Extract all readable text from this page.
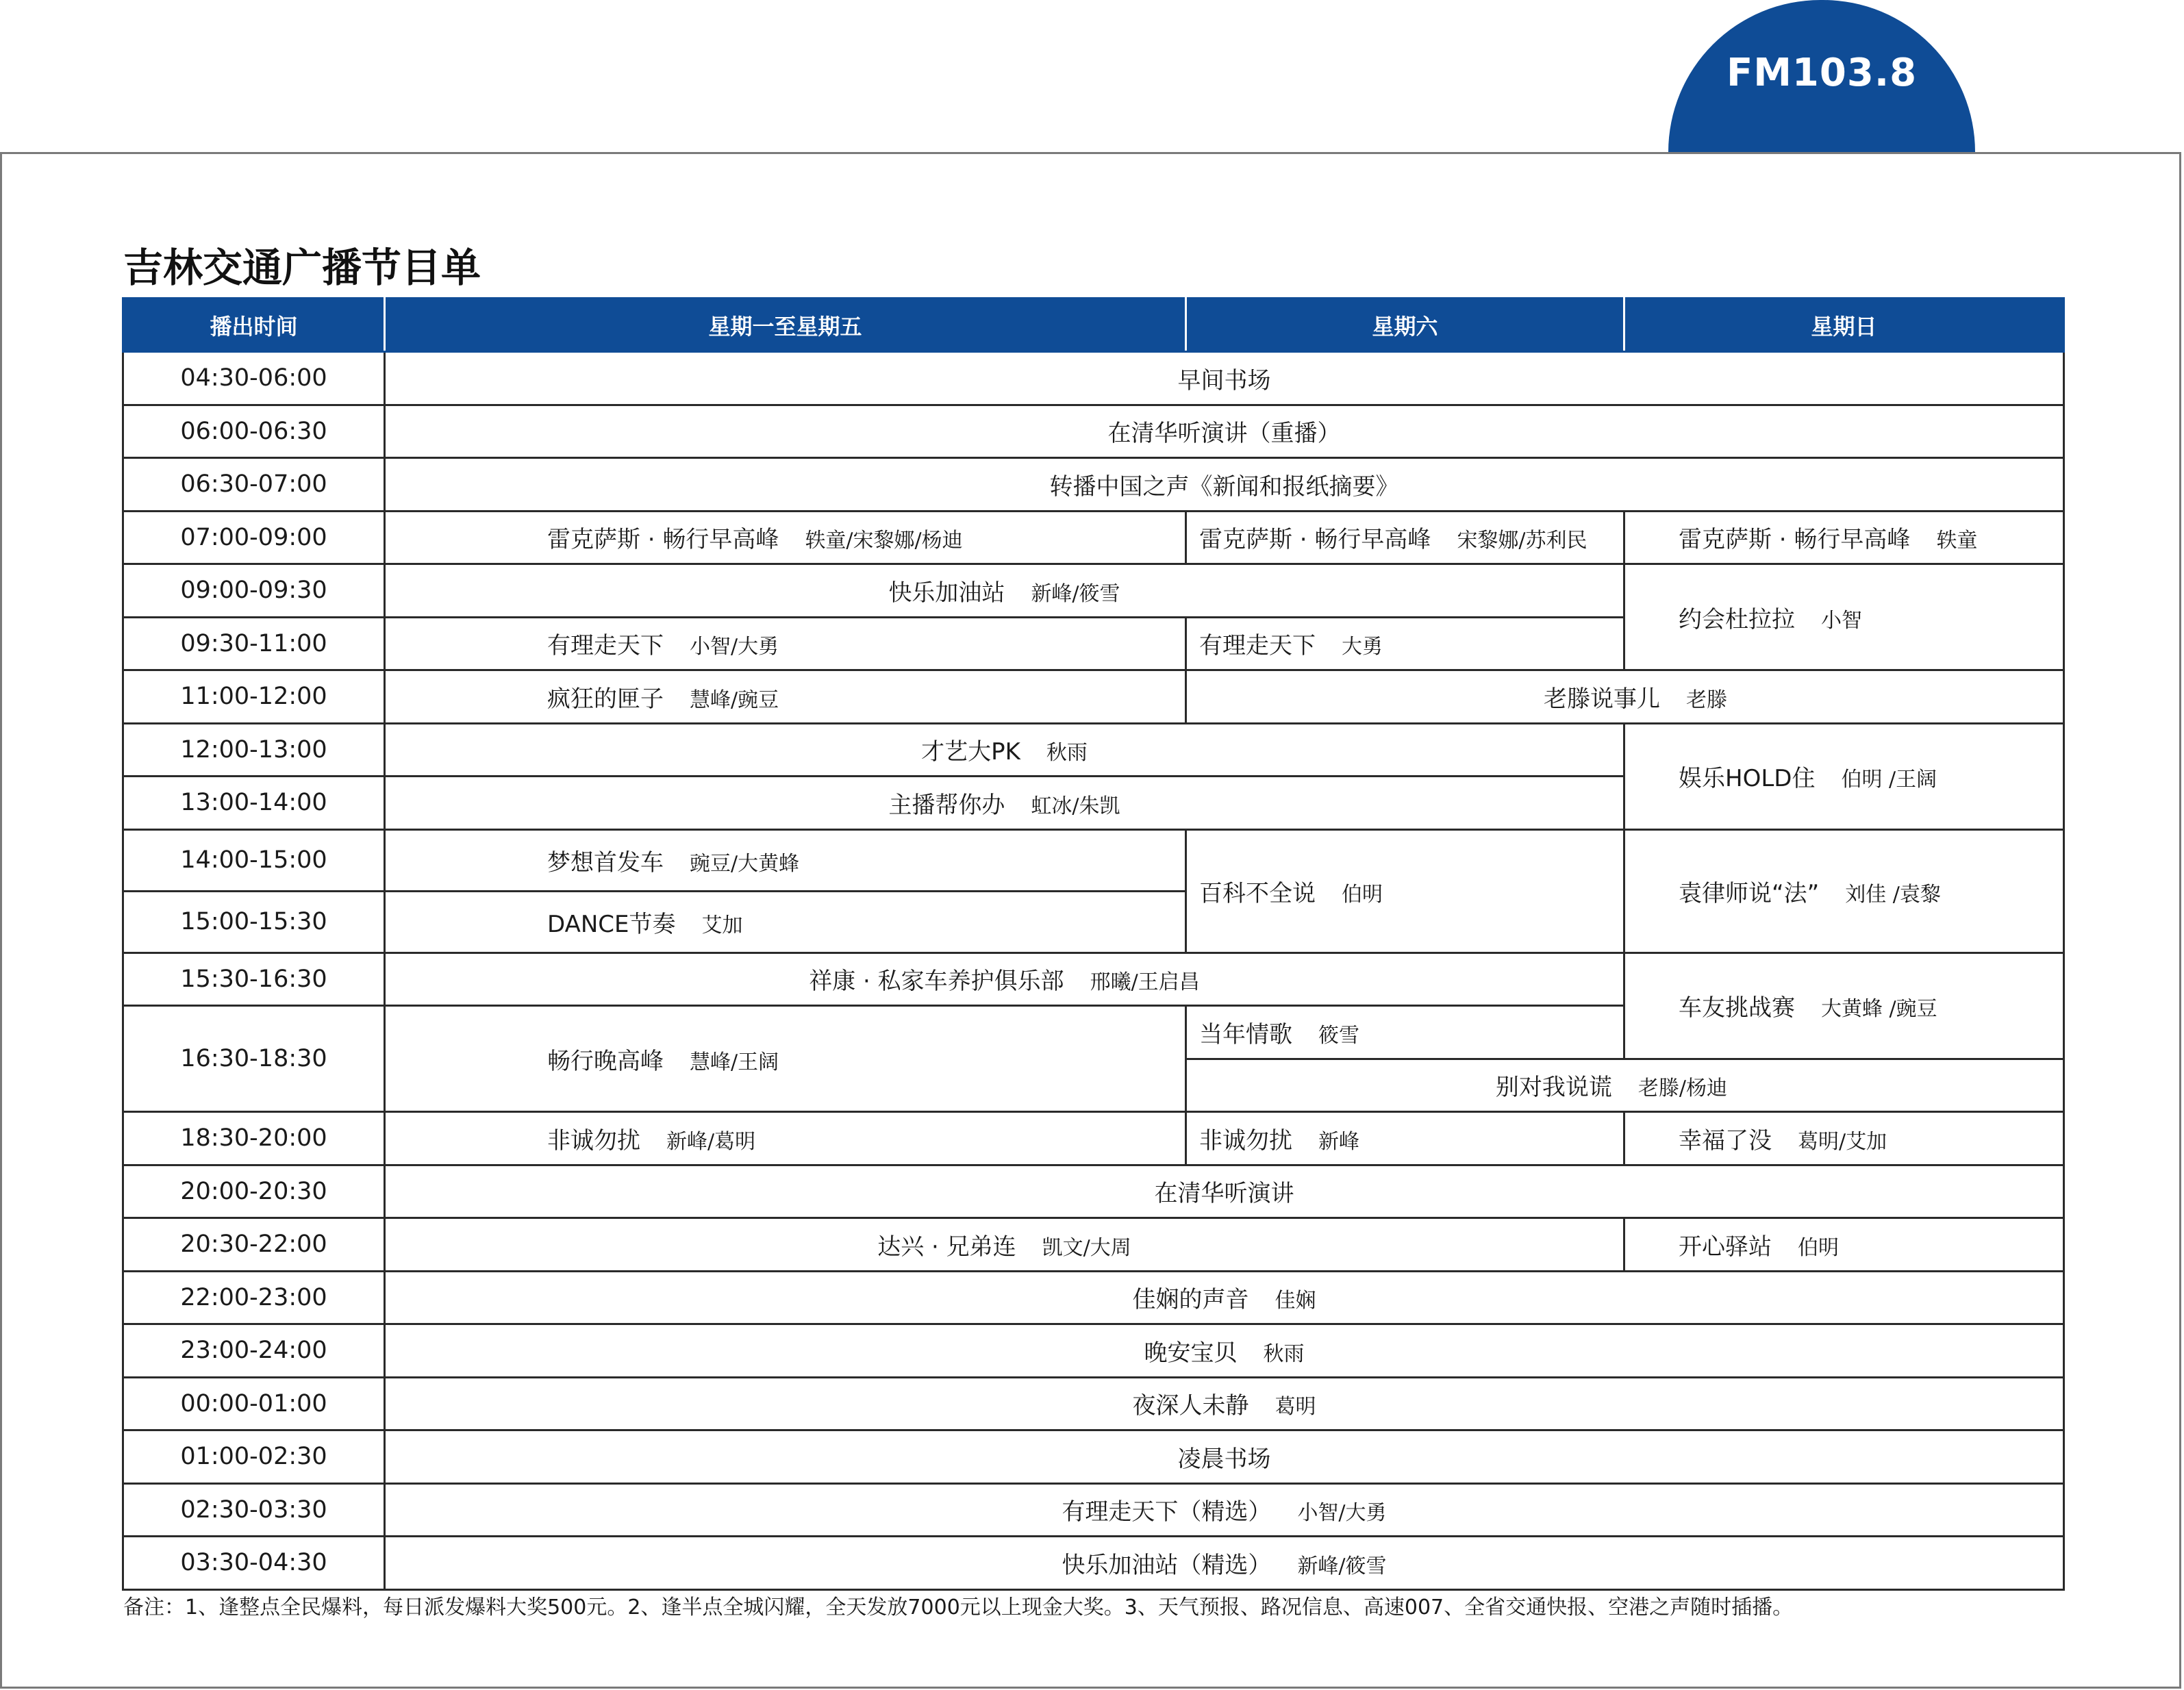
FM103.8
吉林交通广播节目单
播出时间	星期一至星期五	星期六	星期日
04:30-06:00	早间书场		
06:00-06:30	在清华听演讲（重播）		
06:30-07:00	转播中国之声《新闻和报纸摘要》		
07:00-09:00	雷克萨斯 · 畅行早高峰 轶童/宋黎娜/杨迪	雷克萨斯 · 畅行早高峰 宋黎娜/苏利民	雷克萨斯 · 畅行早高峰 轶童
09:00-09:30	快乐加油站 新峰/筱雪		约会杜拉拉 小智
09:30-11:00	有理走天下 小智/大勇	有理走天下 大勇	
11:00-12:00	疯狂的匣子 慧峰/豌豆	老滕说事儿 老滕	
12:00-13:00	才艺大PK 秋雨		娱乐HOLD住 伯明 /王阔
13:00-14:00	主播帮你办 虹冰/朱凯		
14:00-15:00	梦想首发车 豌豆/大黄蜂	百科不全说 伯明	袁律师说“法” 刘佳 /袁黎
15:00-15:30	DANCE节奏 艾加		
15:30-16:30	祥康 · 私家车养护俱乐部 邢曦/王启昌		车友挑战赛 大黄蜂 /豌豆
16:30-18:30	畅行晚高峰 慧峰/王阔	当年情歌 筱雪	
		别对我说谎 老滕/杨迪	
18:30-20:00	非诚勿扰 新峰/葛明	非诚勿扰 新峰	幸福了没 葛明/艾加
20:00-20:30	在清华听演讲		
20:30-22:00	达兴 · 兄弟连 凯文/大周		开心驿站 伯明
22:00-23:00	佳娴的声音 佳娴		
23:00-24:00	晚安宝贝 秋雨		
00:00-01:00	夜深人未静 葛明		
01:00-02:30	凌晨书场		
02:30-03:30	有理走天下（精选） 小智/大勇		
03:30-04:30	快乐加油站（精选） 新峰/筱雪		

备注：1、逢整点全民爆料，每日派发爆料大奖500元。2、逢半点全城闪耀，全天发放7000元以上现金大奖。3、天气预报、路况信息、高速007、全省交通快报、空港之声随时插播。
